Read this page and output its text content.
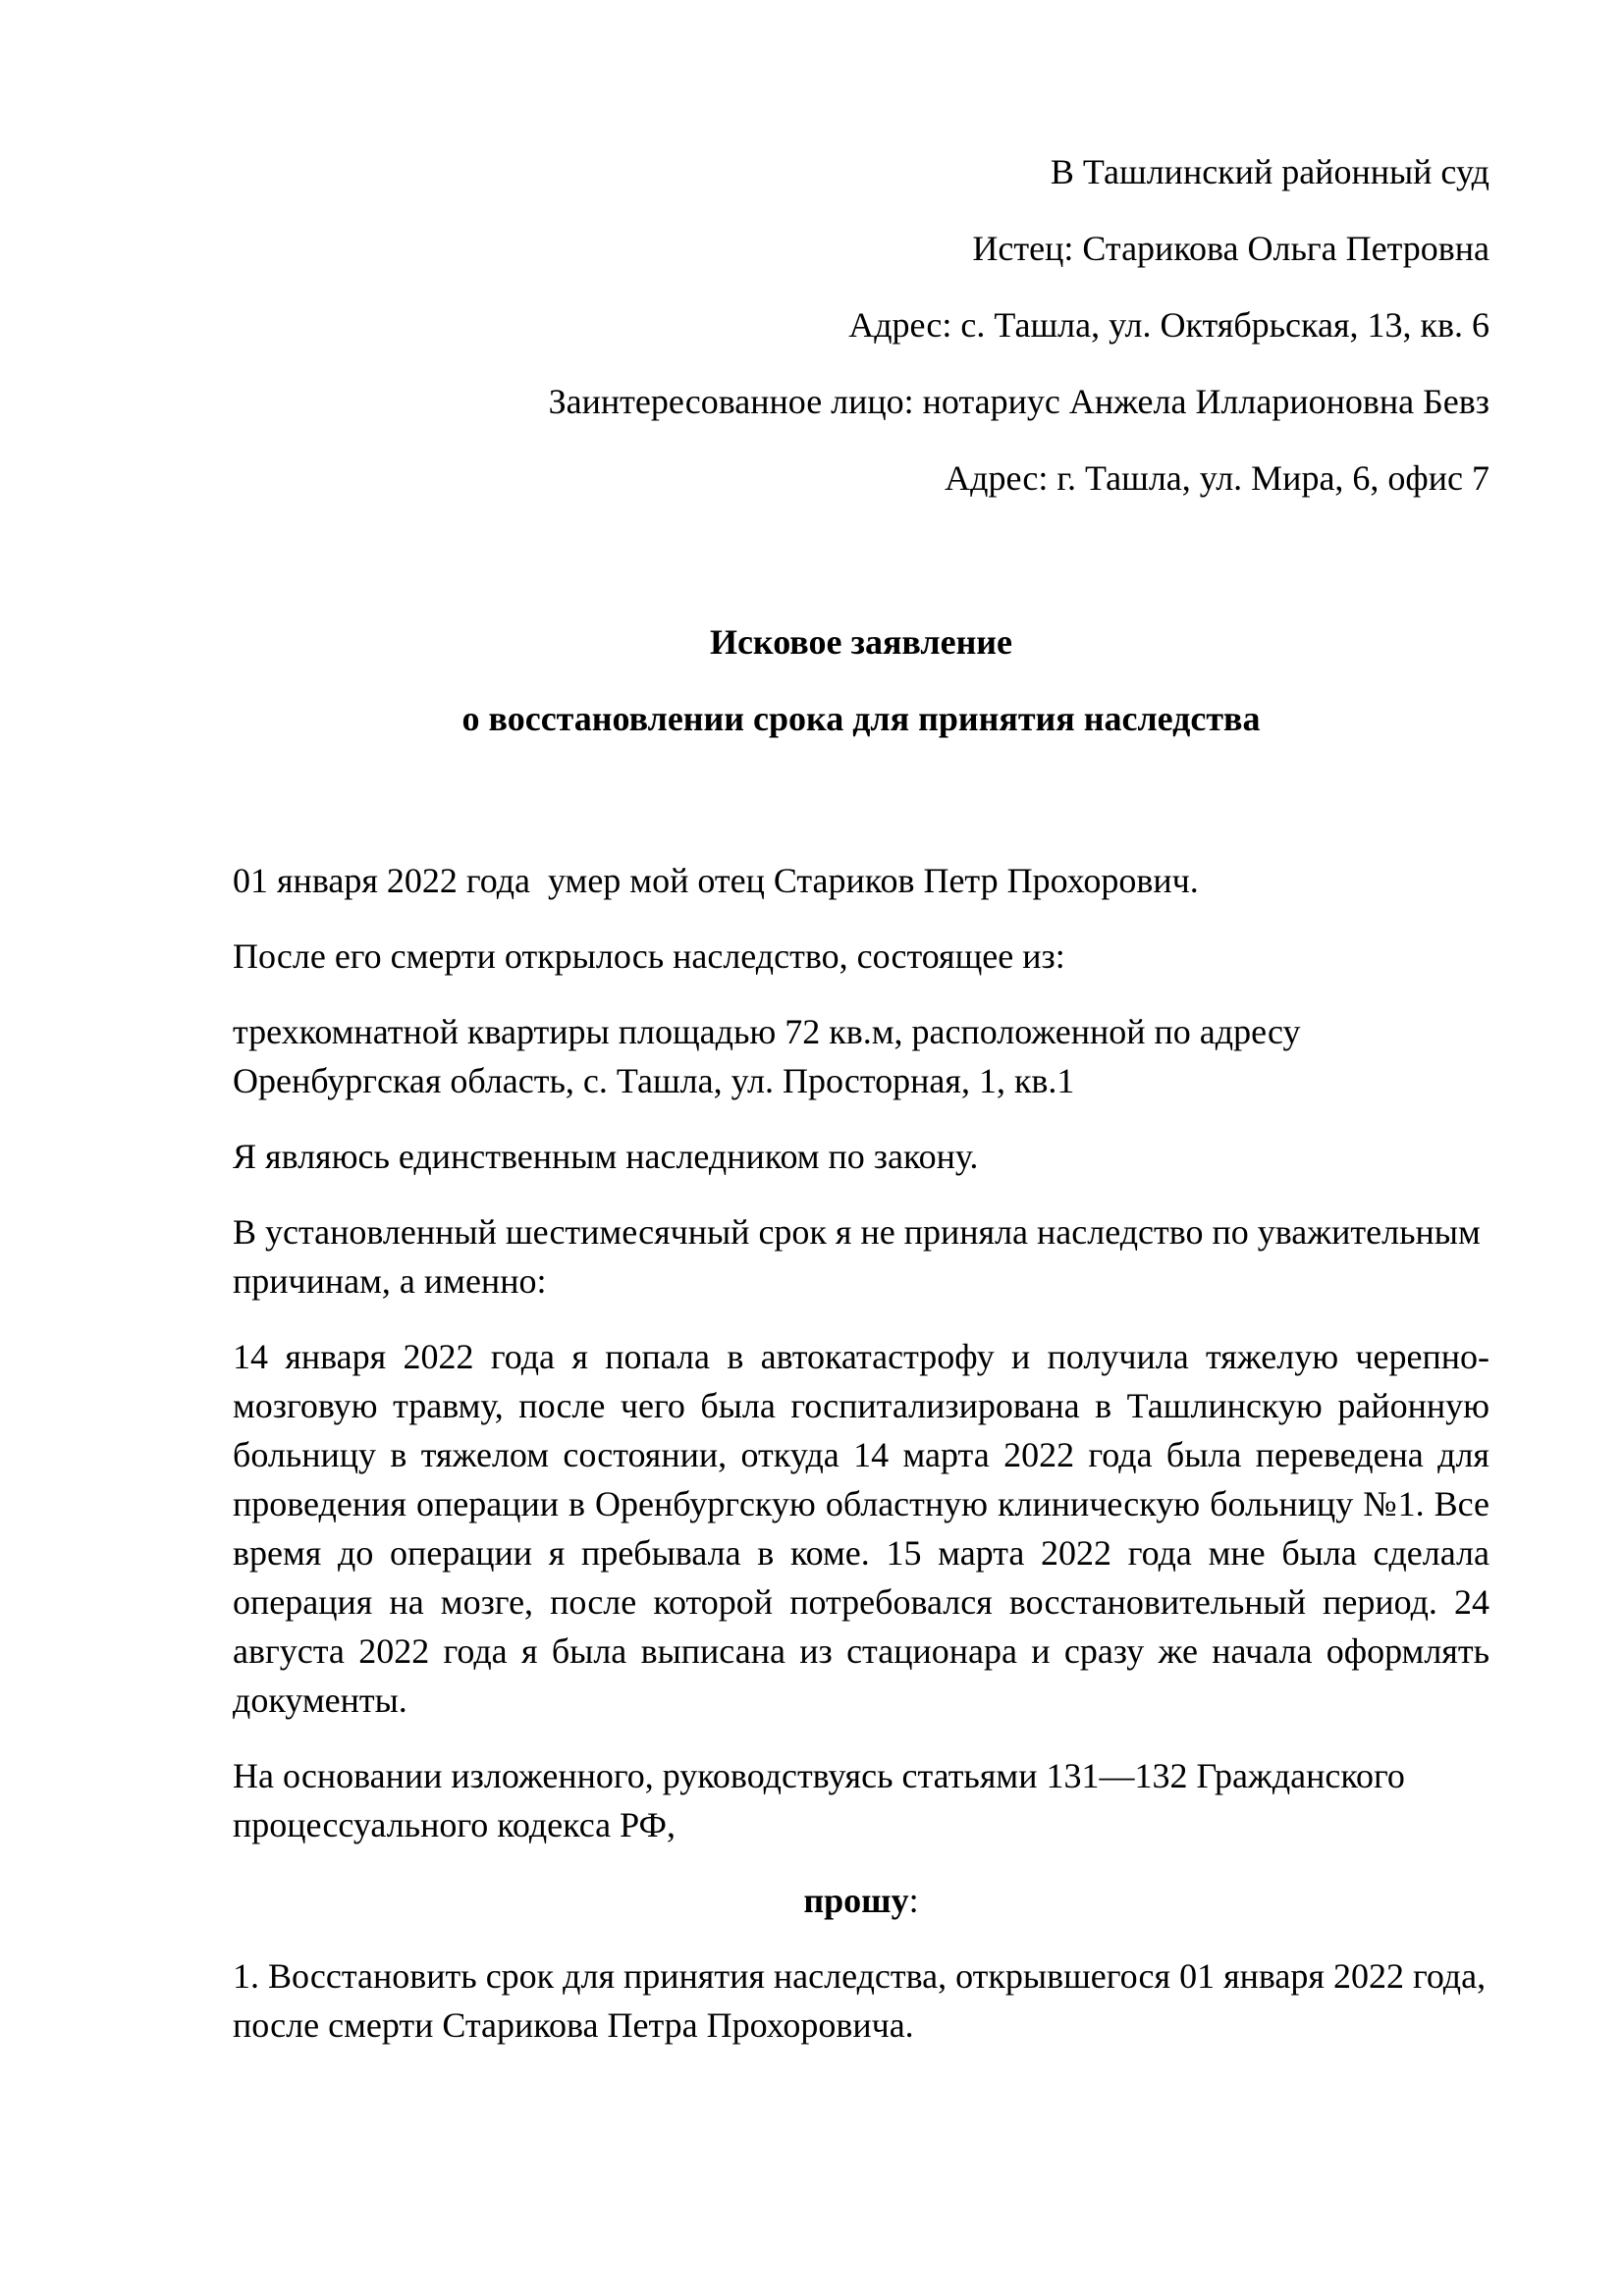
В Ташлинский районный суд

Истец: Старикова Ольга Петровна

Адрес: с. Ташла, ул. Октябрьская, 13, кв. 6

Заинтересованное лицо: нотариус Анжела Илларионовна Бевз

Адрес: г. Ташла, ул. Мира, 6, офис 7

Исковое заявление

о восстановлении срока для принятия наследства

01 января 2022 года  умер мой отец Стариков Петр Прохорович.

После его смерти открылось наследство, состоящее из:

трехкомнатной квартиры площадью 72 кв.м, расположенной по адресу Оренбургская область, с. Ташла, ул. Просторная, 1, кв.1

Я являюсь единственным наследником по закону.

В установленный шестимесячный срок я не приняла наследство по уважительным причинам, а именно:

14 января 2022 года я попала в автокатастрофу и получила тяжелую черепно-мозговую травму, после чего была госпитализирована в Ташлинскую районную больницу в тяжелом состоянии, откуда 14 марта 2022 года была переведена для проведения операции в Оренбургскую областную клиническую больницу №1. Все время до операции я пребывала в коме. 15 марта 2022 года мне была сделала операция на мозге, после которой потребовался восстановительный период. 24 августа 2022 года я была выписана из стационара и сразу же начала оформлять документы.

На основании изложенного, руководствуясь статьями 131—132 Гражданского процессуального кодекса РФ,

прошу:

1. Восстановить срок для принятия наследства, открывшегося 01 января 2022 года, после смерти Старикова Петра Прохоровича.
